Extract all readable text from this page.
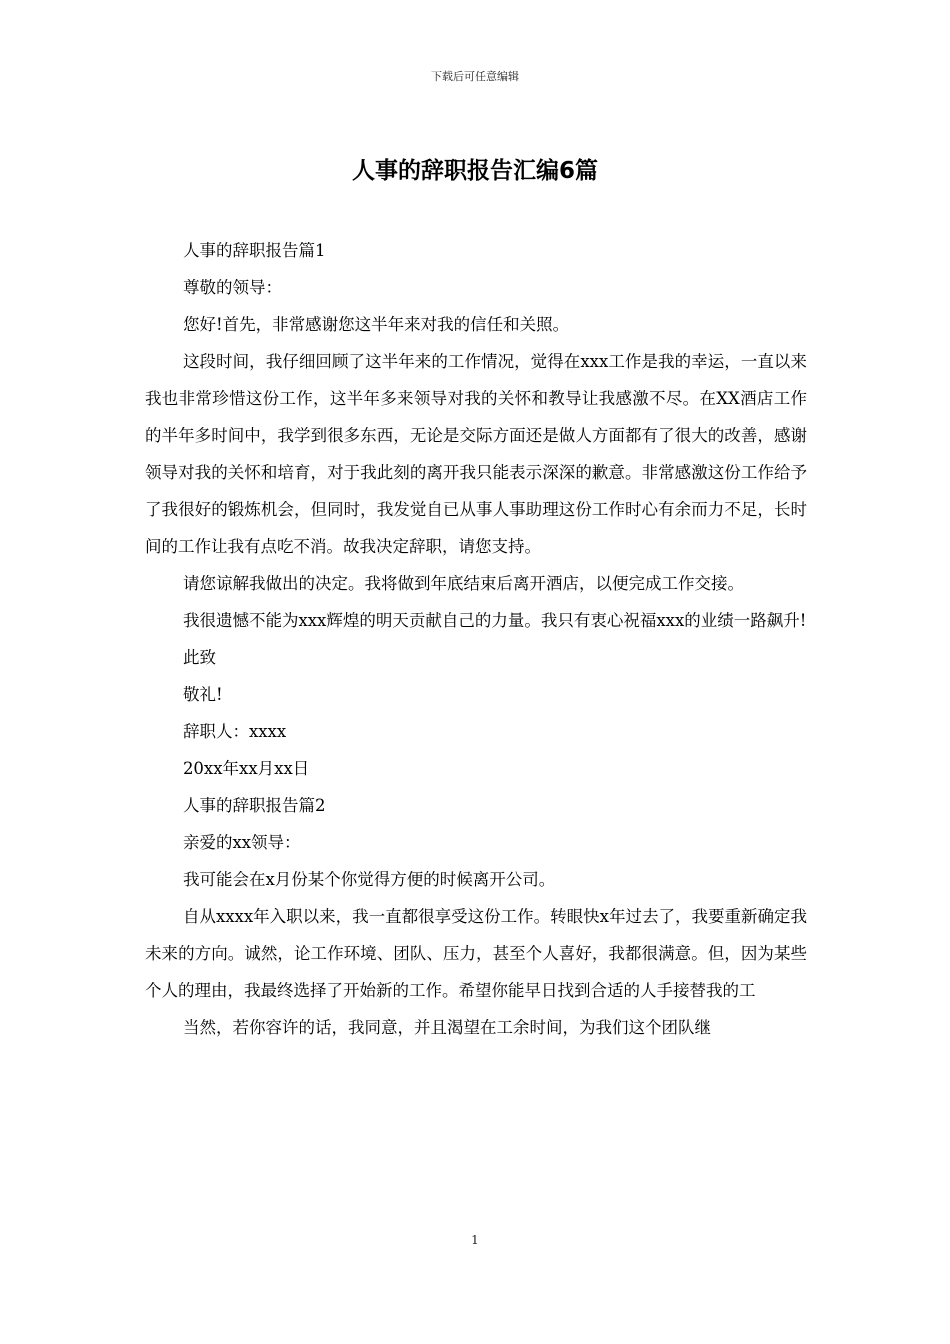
下载后可任意编辑
人事的辞职报告汇编6篇

人事的辞职报告篇1

尊敬的领导：

您好!首先，非常感谢您这半年来对我的信任和关照。

这段时间，我仔细回顾了这半年来的工作情况，觉得在xxx工作是我的幸运，一直以来我也非常珍惜这份工作，这半年多来领导对我的关怀和教导让我感激不尽。在XX酒店工作的半年多时间中，我学到很多东西，无论是交际方面还是做人方面都有了很大的改善，感谢领导对我的关怀和培育，对于我此刻的离开我只能表示深深的歉意。非常感激这份工作给予了我很好的锻炼机会，但同时，我发觉自已从事人事助理这份工作时心有余而力不足，长时间的工作让我有点吃不消。故我决定辞职，请您支持。

请您谅解我做出的决定。我将做到年底结束后离开酒店，以便完成工作交接。

我很遗憾不能为xxx辉煌的明天贡献自己的力量。我只有衷心祝福xxx的业绩一路飙升!

此致

敬礼!

辞职人：xxxx

20xx年xx月xx日

人事的辞职报告篇2

亲爱的xx领导：

我可能会在x月份某个你觉得方便的时候离开公司。

自从xxxx年入职以来，我一直都很享受这份工作。转眼快x年过去了，我要重新确定我未来的方向。诚然，论工作环境、团队、压力，甚至个人喜好，我都很满意。但，因为某些个人的理由，我最终选择了开始新的工作。希望你能早日找到合适的人手接替我的工

当然，若你容许的话，我同意，并且渴望在工余时间，为我们这个团队继

1
